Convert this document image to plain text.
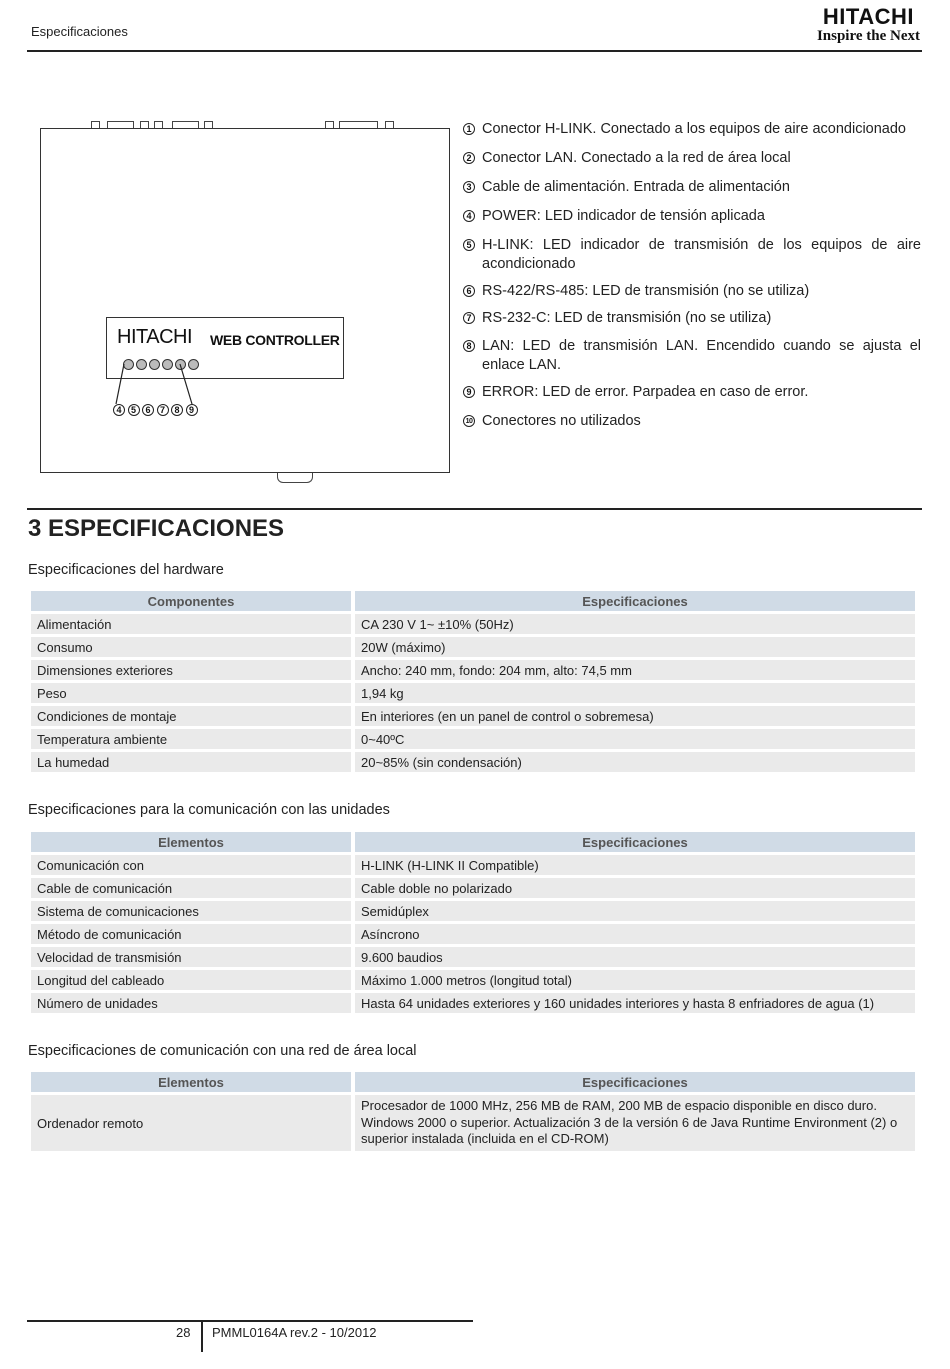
Especificaciones
HITACHI
Inspire the Next
HITACHI WEB CONTROLLER
4	5	6	7	8	9
1 Conector H-LINK. Conectado a los equipos de aire acondicionado
2 Conector LAN. Conectado a la red de área local
3 Cable de alimentación. Entrada de alimentación
4 POWER: LED indicador de tensión aplicada
5 H-LINK: LED indicador de transmisión de los equipos de aire acondicionado
6 RS-422/RS-485: LED de transmisión (no se utiliza)
7 RS-232-C: LED de transmisión (no se utiliza)
8 LAN: LED de transmisión LAN. Encendido cuando se ajusta el enlace LAN.
9 ERROR: LED de error. Parpadea en caso de error.
10 Conectores no utilizados
3 ESPECIFICACIONES
Especificaciones del hardware
Componentes	Especificaciones
Alimentación	CA 230 V 1~ ±10% (50Hz)
Consumo	20W (máximo)
Dimensiones exteriores	Ancho: 240 mm, fondo: 204 mm, alto: 74,5 mm
Peso	1,94 kg
Condiciones de montaje	En interiores (en un panel de control o sobremesa)
Temperatura ambiente	0~40ºC
La humedad	20~85% (sin condensación)
Especificaciones para la comunicación con las unidades
Elementos	Especificaciones
Comunicación con	H-LINK (H-LINK II Compatible)
Cable de comunicación	Cable doble no polarizado
Sistema de comunicaciones	Semidúplex
Método de comunicación	Asíncrono
Velocidad de transmisión	9.600 baudios
Longitud del cableado	Máximo 1.000 metros (longitud total)
Número de unidades	Hasta 64 unidades exteriores y 160 unidades interiores y hasta 8 enfriadores de agua (1)
Especificaciones de comunicación con una red de área local
Elementos	Especificaciones
Ordenador remoto	Procesador de 1000 MHz, 256 MB de RAM, 200 MB de espacio disponible en disco duro. Windows 2000 o superior. Actualización 3 de la versión 6 de Java Runtime Environment (2) o superior instalada (incluida en el CD-ROM)
28 PMML0164A rev.2 - 10/2012
